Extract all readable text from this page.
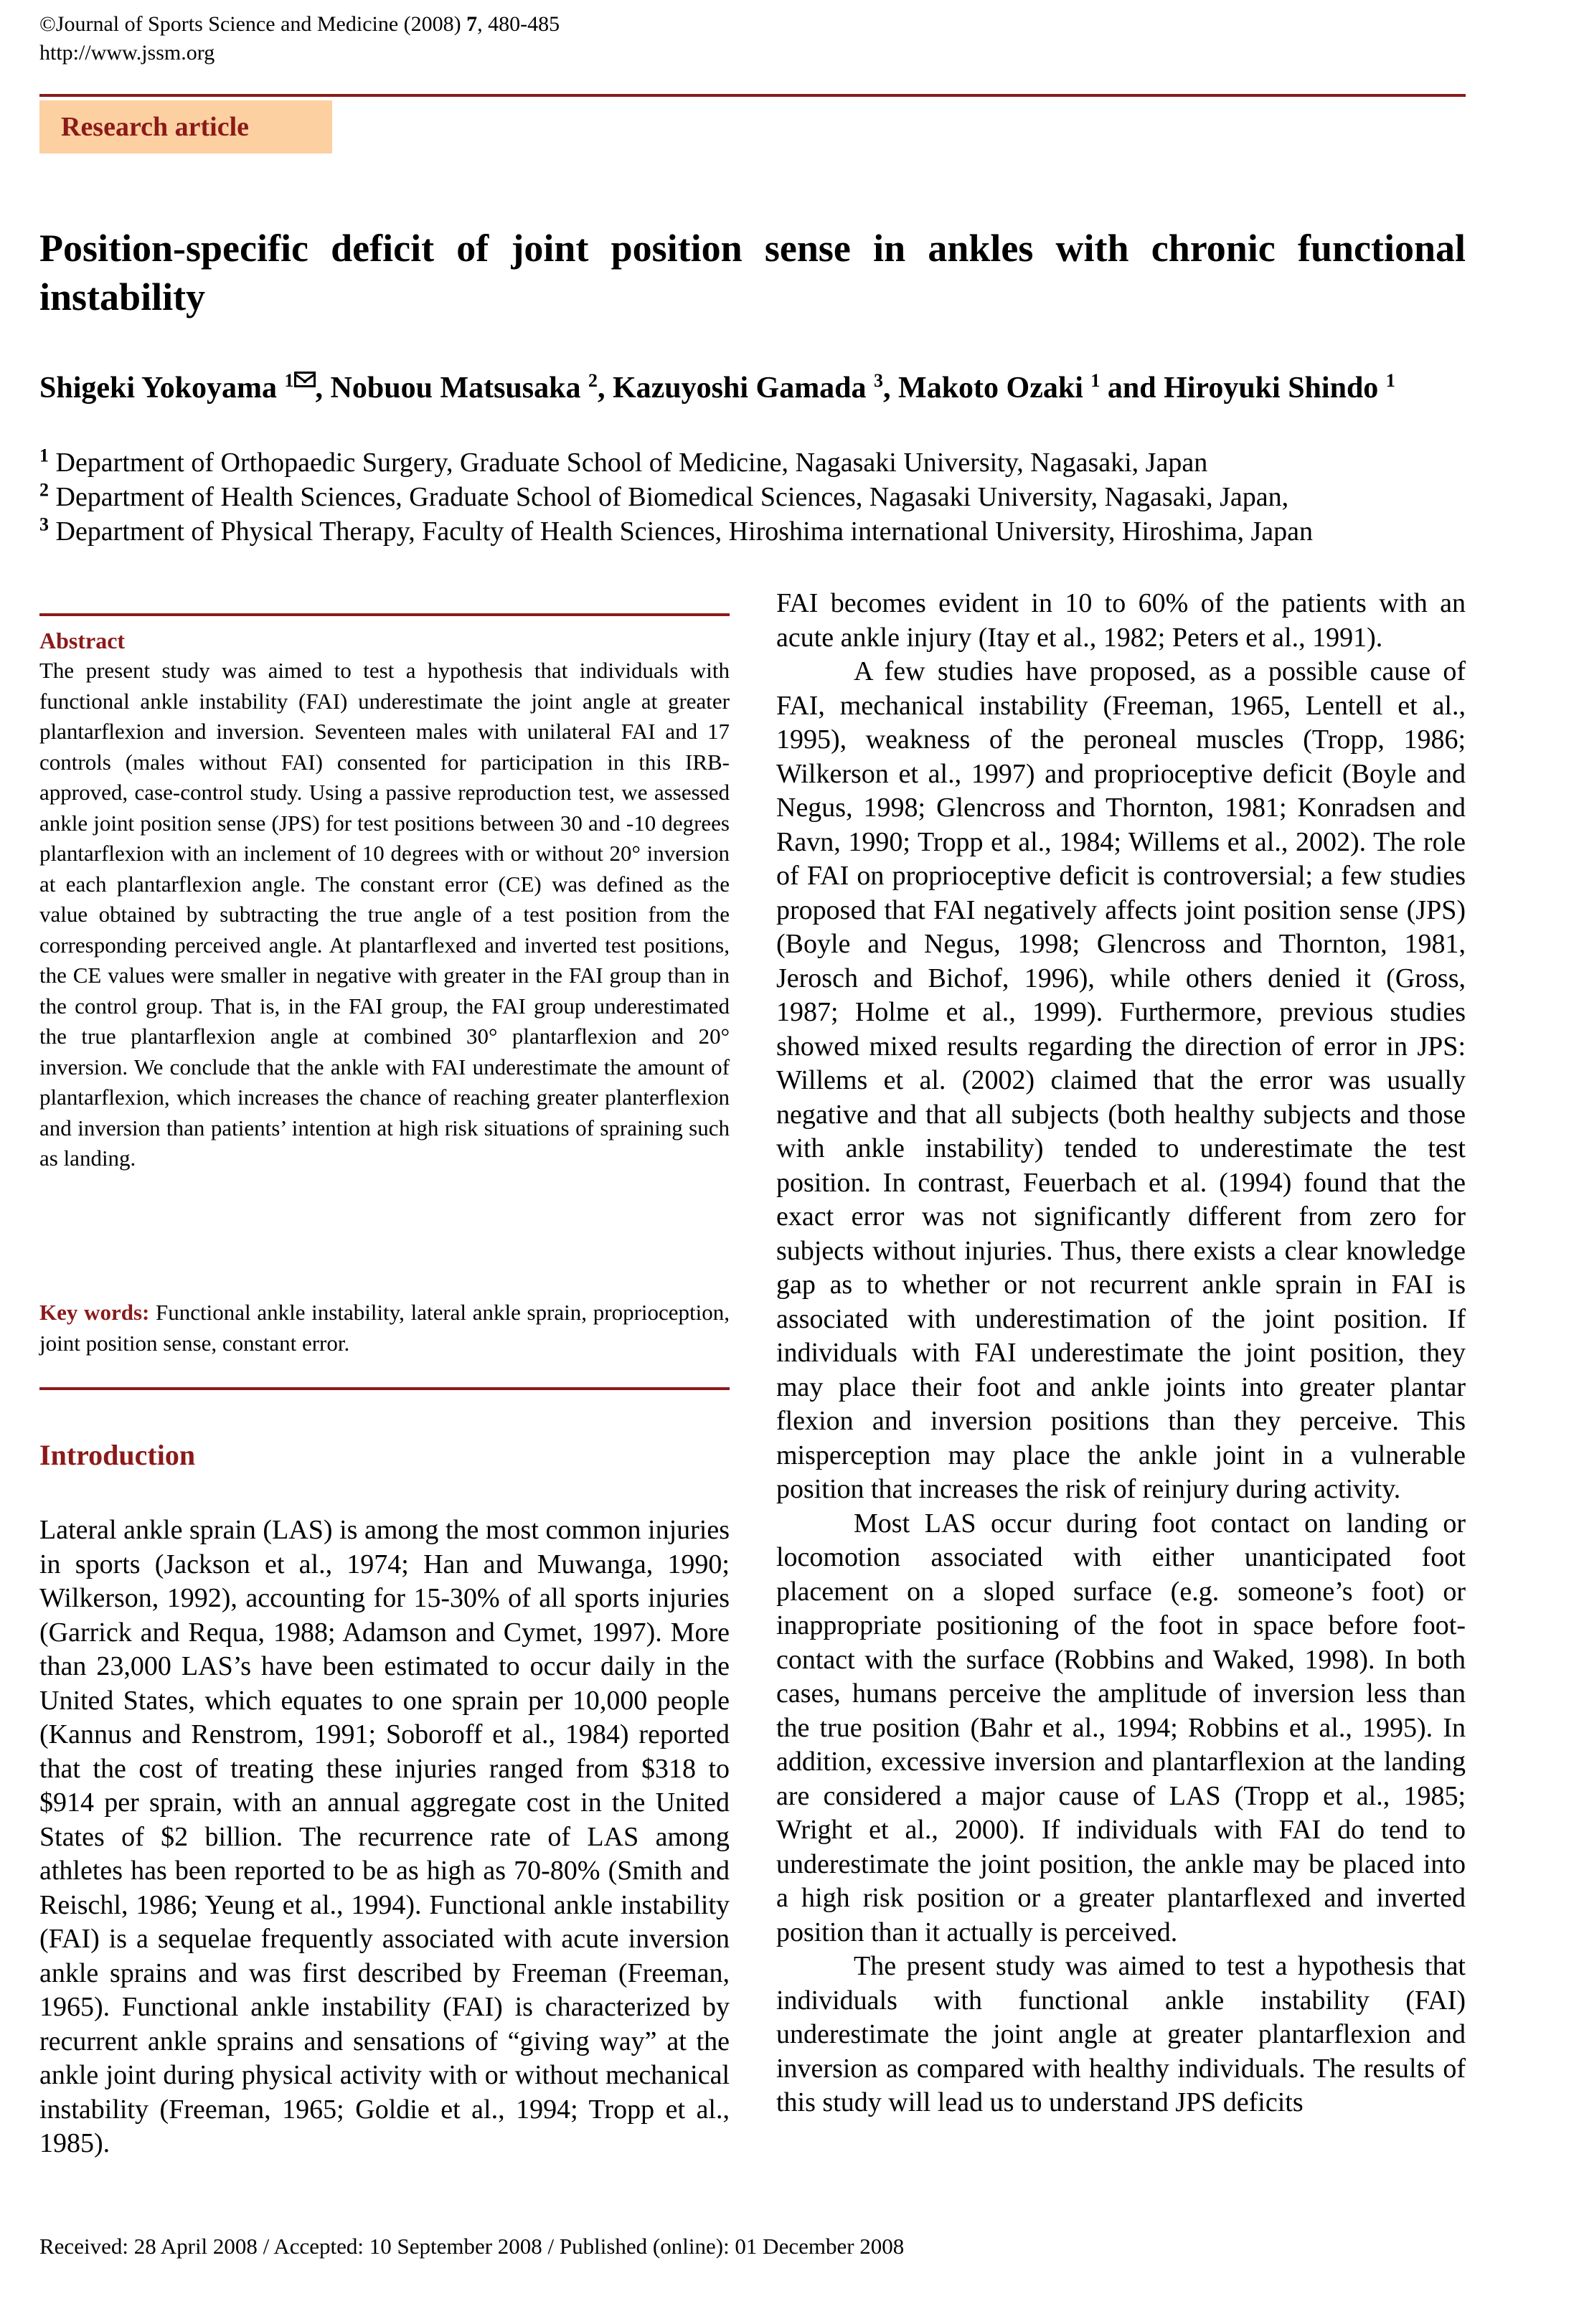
©Journal of Sports Science and Medicine (2008) 7, 480-485
http://www.jssm.org
Research article
Position-specific deficit of joint position sense in ankles with chronic functional instability
Shigeki Yokoyama $^1$ , Nobuou Matsusaka $^2$, Kazuyoshi Gamada $^3$, Makoto Ozaki $^1$ and Hiroyuki Shindo $^1$
$^1$ Department of Orthopaedic Surgery, Graduate School of Medicine, Nagasaki University, Nagasaki, Japan
$^2$ Department of Health Sciences, Graduate School of Biomedical Sciences, Nagasaki University, Nagasaki, Japan,
$^3$ Department of Physical Therapy, Faculty of Health Sciences, Hiroshima international University, Hiroshima, Japan
Abstract
The present study was aimed to test a hypothesis that individuals with functional ankle instability (FAI) underestimate the joint angle at greater plantarflexion and inversion. Seventeen males with unilateral FAI and 17 controls (males without FAI) consented for participation in this IRB-approved, case-control study. Using a passive reproduction test, we assessed ankle joint position sense (JPS) for test positions between 30 and -10 degrees plantarflexion with an inclement of 10 degrees with or without 20° inversion at each plantarflexion angle. The constant error (CE) was defined as the value obtained by subtracting the true angle of a test position from the corresponding perceived angle. At plantarflexed and inverted test positions, the CE values were smaller in negative with greater in the FAI group than in the control group. That is, in the FAI group, the FAI group underestimated the true plantarflexion angle at combined 30° plantarflexion and 20° inversion. We conclude that the ankle with FAI underestimate the amount of plantarflexion, which increases the chance of reaching greater planterflexion and inversion than patients’ intention at high risk situations of spraining such as landing.
Key words: Functional ankle instability, lateral ankle sprain, proprioception, joint position sense, constant error.
Introduction

Lateral ankle sprain (LAS) is among the most common injuries in sports (Jackson et al., 1974; Han and Muwanga, 1990; Wilkerson, 1992), accounting for 15-30% of all sports injuries (Garrick and Requa, 1988; Adamson and Cymet, 1997). More than 23,000 LAS’s have been estimated to occur daily in the United States, which equates to one sprain per 10,000 people (Kannus and Renstrom, 1991; Soboroff et al., 1984) reported that the cost of treating these injuries ranged from $318 to $914 per sprain, with an annual aggregate cost in the United States of $2 billion. The recurrence rate of LAS among athletes has been reported to be as high as 70-80% (Smith and Reischl, 1986; Yeung et al., 1994). Functional ankle instability (FAI) is a sequelae frequently associated with acute inversion ankle sprains and was first described by Freeman (Freeman, 1965). Functional ankle instability (FAI) is characterized by recurrent ankle sprains and sensations of “giving way” at the ankle joint during physical activity with or without mechanical instability (Freeman, 1965; Goldie et al., 1994; Tropp et al., 1985).

FAI becomes evident in 10 to 60% of the patients with an acute ankle injury (Itay et al., 1982; Peters et al., 1991).

A few studies have proposed, as a possible cause of FAI, mechanical instability (Freeman, 1965, Lentell et al., 1995), weakness of the peroneal muscles (Tropp, 1986; Wilkerson et al., 1997) and proprioceptive deficit (Boyle and Negus, 1998; Glencross and Thornton, 1981; Konradsen and Ravn, 1990; Tropp et al., 1984; Willems et al., 2002). The role of FAI on proprioceptive deficit is controversial; a few studies proposed that FAI negatively affects joint position sense (JPS) (Boyle and Negus, 1998; Glencross and Thornton, 1981, Jerosch and Bichof, 1996), while others denied it (Gross, 1987; Holme et al., 1999). Furthermore, previous studies showed mixed results regarding the direction of error in JPS: Willems et al. (2002) claimed that the error was usually negative and that all subjects (both healthy subjects and those with ankle instability) tended to underestimate the test position. In contrast, Feuerbach et al. (1994) found that the exact error was not significantly different from zero for subjects without injuries. Thus, there exists a clear knowledge gap as to whether or not recurrent ankle sprain in FAI is associated with underestimation of the joint position. If individuals with FAI underestimate the joint position, they may place their foot and ankle joints into greater plantar flexion and inversion positions than they perceive. This misperception may place the ankle joint in a vulnerable position that increases the risk of reinjury during activity.

Most LAS occur during foot contact on landing or locomotion associated with either unanticipated foot placement on a sloped surface (e.g. someone’s foot) or inappropriate positioning of the foot in space before foot-contact with the surface (Robbins and Waked, 1998). In both cases, humans perceive the amplitude of inversion less than the true position (Bahr et al., 1994; Robbins et al., 1995). In addition, excessive inversion and plantarflexion at the landing are considered a major cause of LAS (Tropp et al., 1985; Wright et al., 2000). If individuals with FAI do tend to underestimate the joint position, the ankle may be placed into a high risk position or a greater plantarflexed and inverted position than it actually is perceived.

The present study was aimed to test a hypothesis that individuals with functional ankle instability (FAI) underestimate the joint angle at greater plantarflexion and inversion as compared with healthy individuals. The results of this study will lead us to understand JPS deficits

Received: 28 April 2008 / Accepted: 10 September 2008 / Published (online): 01 December 2008
